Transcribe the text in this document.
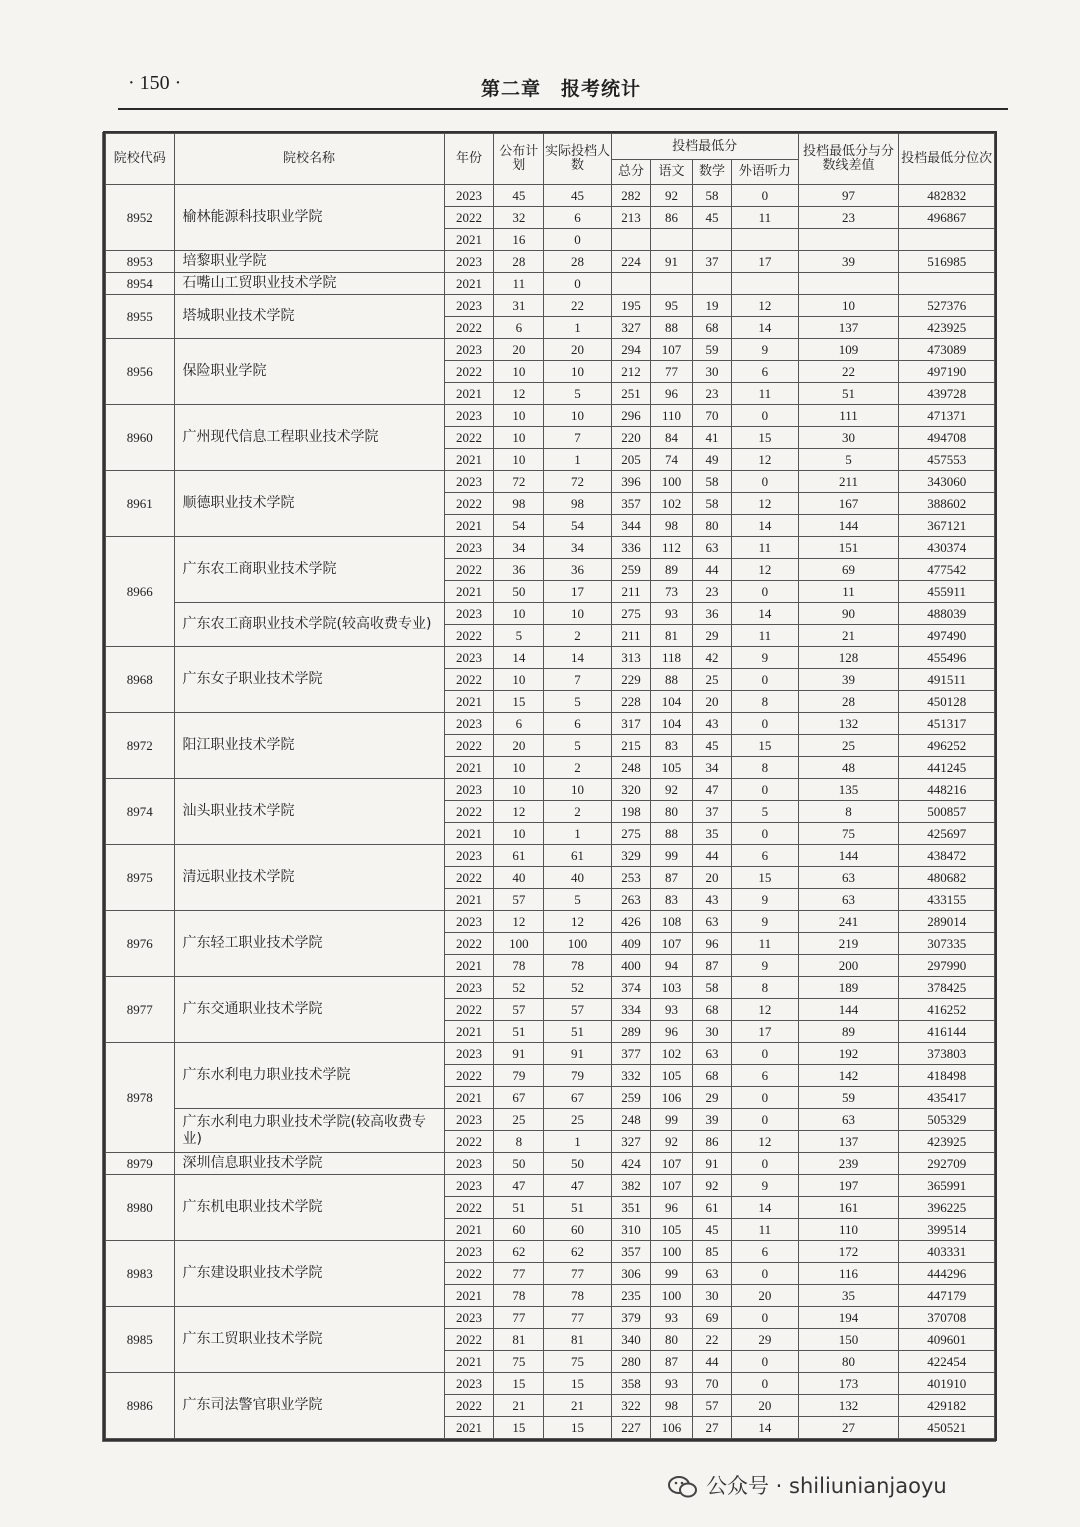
· 150 ·	第二章　报考统计
院校代码	院校名称	年份	公布计划	实际投档人数	投档最低分				投档最低分与分数线差值	投档最低分位次
					总分	语文	数学	外语听力		
8952	榆林能源科技职业学院	2023	45	45	282	92	58	0	97	482832
		2022	32	6	213	86	45	11	23	496867
		2021	16	0						
8953	培黎职业学院	2023	28	28	224	91	37	17	39	516985
8954	石嘴山工贸职业技术学院	2021	11	0						
8955	塔城职业技术学院	2023	31	22	195	95	19	12	10	527376
		2022	6	1	327	88	68	14	137	423925
8956	保险职业学院	2023	20	20	294	107	59	9	109	473089
		2022	10	10	212	77	30	6	22	497190
		2021	12	5	251	96	23	11	51	439728
8960	广州现代信息工程职业技术学院	2023	10	10	296	110	70	0	111	471371
		2022	10	7	220	84	41	15	30	494708
		2021	10	1	205	74	49	12	5	457553
8961	顺德职业技术学院	2023	72	72	396	100	58	0	211	343060
		2022	98	98	357	102	58	12	167	388602
		2021	54	54	344	98	80	14	144	367121
8966	广东农工商职业技术学院	2023	34	34	336	112	63	11	151	430374
		2022	36	36	259	89	44	12	69	477542
		2021	50	17	211	73	23	0	11	455911
	广东农工商职业技术学院(较高收费专业)	2023	10	10	275	93	36	14	90	488039
		2022	5	2	211	81	29	11	21	497490
8968	广东女子职业技术学院	2023	14	14	313	118	42	9	128	455496
		2022	10	7	229	88	25	0	39	491511
		2021	15	5	228	104	20	8	28	450128
8972	阳江职业技术学院	2023	6	6	317	104	43	0	132	451317
		2022	20	5	215	83	45	15	25	496252
		2021	10	2	248	105	34	8	48	441245
8974	汕头职业技术学院	2023	10	10	320	92	47	0	135	448216
		2022	12	2	198	80	37	5	8	500857
		2021	10	1	275	88	35	0	75	425697
8975	清远职业技术学院	2023	61	61	329	99	44	6	144	438472
		2022	40	40	253	87	20	15	63	480682
		2021	57	5	263	83	43	9	63	433155
8976	广东轻工职业技术学院	2023	12	12	426	108	63	9	241	289014
		2022	100	100	409	107	96	11	219	307335
		2021	78	78	400	94	87	9	200	297990
8977	广东交通职业技术学院	2023	52	52	374	103	58	8	189	378425
		2022	57	57	334	93	68	12	144	416252
		2021	51	51	289	96	30	17	89	416144
8978	广东水利电力职业技术学院	2023	91	91	377	102	63	0	192	373803
		2022	79	79	332	105	68	6	142	418498
		2021	67	67	259	106	29	0	59	435417
	广东水利电力职业技术学院(较高收费专业)	2023	25	25	248	99	39	0	63	505329
		2022	8	1	327	92	86	12	137	423925
8979	深圳信息职业技术学院	2023	50	50	424	107	91	0	239	292709
8980	广东机电职业技术学院	2023	47	47	382	107	92	9	197	365991
		2022	51	51	351	96	61	14	161	396225
		2021	60	60	310	105	45	11	110	399514
8983	广东建设职业技术学院	2023	62	62	357	100	85	6	172	403331
		2022	77	77	306	99	63	0	116	444296
		2021	78	78	235	100	30	20	35	447179
8985	广东工贸职业技术学院	2023	77	77	379	93	69	0	194	370708
		2022	81	81	340	80	22	29	150	409601
		2021	75	75	280	87	44	0	80	422454
8986	广东司法警官职业学院	2023	15	15	358	93	70	0	173	401910
		2022	21	21	322	98	57	20	132	429182
		2021	15	15	227	106	27	14	27	450521
公众号 · shiliunianjaoyu
